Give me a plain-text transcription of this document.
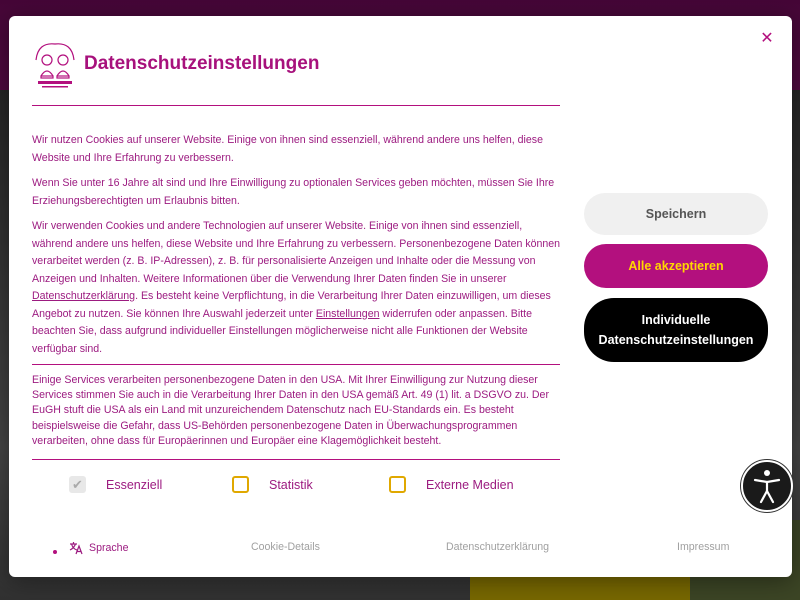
✕
Datenschutzeinstellungen

Wir nutzen Cookies auf unserer Website. Einige von ihnen sind essenziell, während andere uns helfen, diese Website und Ihre Erfahrung zu verbessern.

Wenn Sie unter 16 Jahre alt sind und Ihre Einwilligung zu optionalen Services geben möchten, müssen Sie Ihre Erziehungsberechtigten um Erlaubnis bitten.

Wir verwenden Cookies und andere Technologien auf unserer Website. Einige von ihnen sind essenziell, während andere uns helfen, diese Website und Ihre Erfahrung zu verbessern. Personenbezogene Daten können verarbeitet werden (z. B. IP-Adressen), z. B. für personalisierte Anzeigen und Inhalte oder die Messung von Anzeigen und Inhalten. Weitere Informationen über die Verwendung Ihrer Daten finden Sie in unserer Datenschutzerklärung. Es besteht keine Verpflichtung, in die Verarbeitung Ihrer Daten einzuwilligen, um dieses Angebot zu nutzen. Sie können Ihre Auswahl jederzeit unter Einstellungen widerrufen oder anpassen. Bitte beachten Sie, dass aufgrund individueller Einstellungen möglicherweise nicht alle Funktionen der Website verfügbar sind.

Einige Services verarbeiten personenbezogene Daten in den USA. Mit Ihrer Einwilligung zur Nutzung dieser Services stimmen Sie auch in die Verarbeitung Ihrer Daten in den USA gemäß Art. 49 (1) lit. a DSGVO zu. Der EuGH stuft die USA als ein Land mit unzureichendem Datenschutz nach EU-Standards ein. Es besteht beispielsweise die Gefahr, dass US-Behörden personenbezogene Daten in Überwachungsprogrammen verarbeiten, ohne dass für Europäerinnen und Europäer eine Klagemöglichkeit besteht.
✔ Essenziell	Statistik	Externe Medien
Speichern
Alle akzeptieren
Individuelle Datenschutzeinstellungen
Sprache	Cookie-Details	Datenschutzerklärung	Impressum
